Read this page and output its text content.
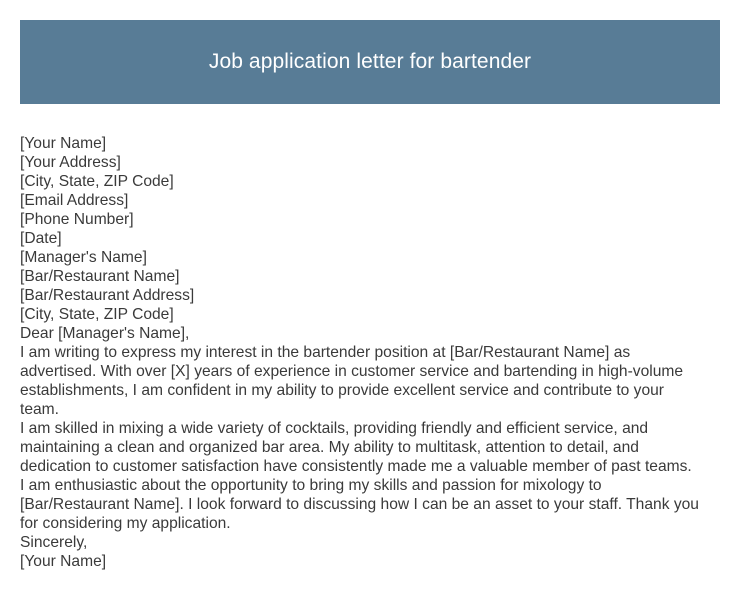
Job application letter for bartender
[Your Name]
[Your Address]
[City, State, ZIP Code]
[Email Address]
[Phone Number]
[Date]
[Manager's Name]
[Bar/Restaurant Name]
[Bar/Restaurant Address]
[City, State, ZIP Code]
Dear [Manager's Name],
I am writing to express my interest in the bartender position at [Bar/Restaurant Name] as
advertised. With over [X] years of experience in customer service and bartending in high-volume
establishments, I am confident in my ability to provide excellent service and contribute to your
team.
I am skilled in mixing a wide variety of cocktails, providing friendly and efficient service, and
maintaining a clean and organized bar area. My ability to multitask, attention to detail, and
dedication to customer satisfaction have consistently made me a valuable member of past teams.
I am enthusiastic about the opportunity to bring my skills and passion for mixology to
[Bar/Restaurant Name]. I look forward to discussing how I can be an asset to your staff. Thank you
for considering my application.
Sincerely,
[Your Name]
